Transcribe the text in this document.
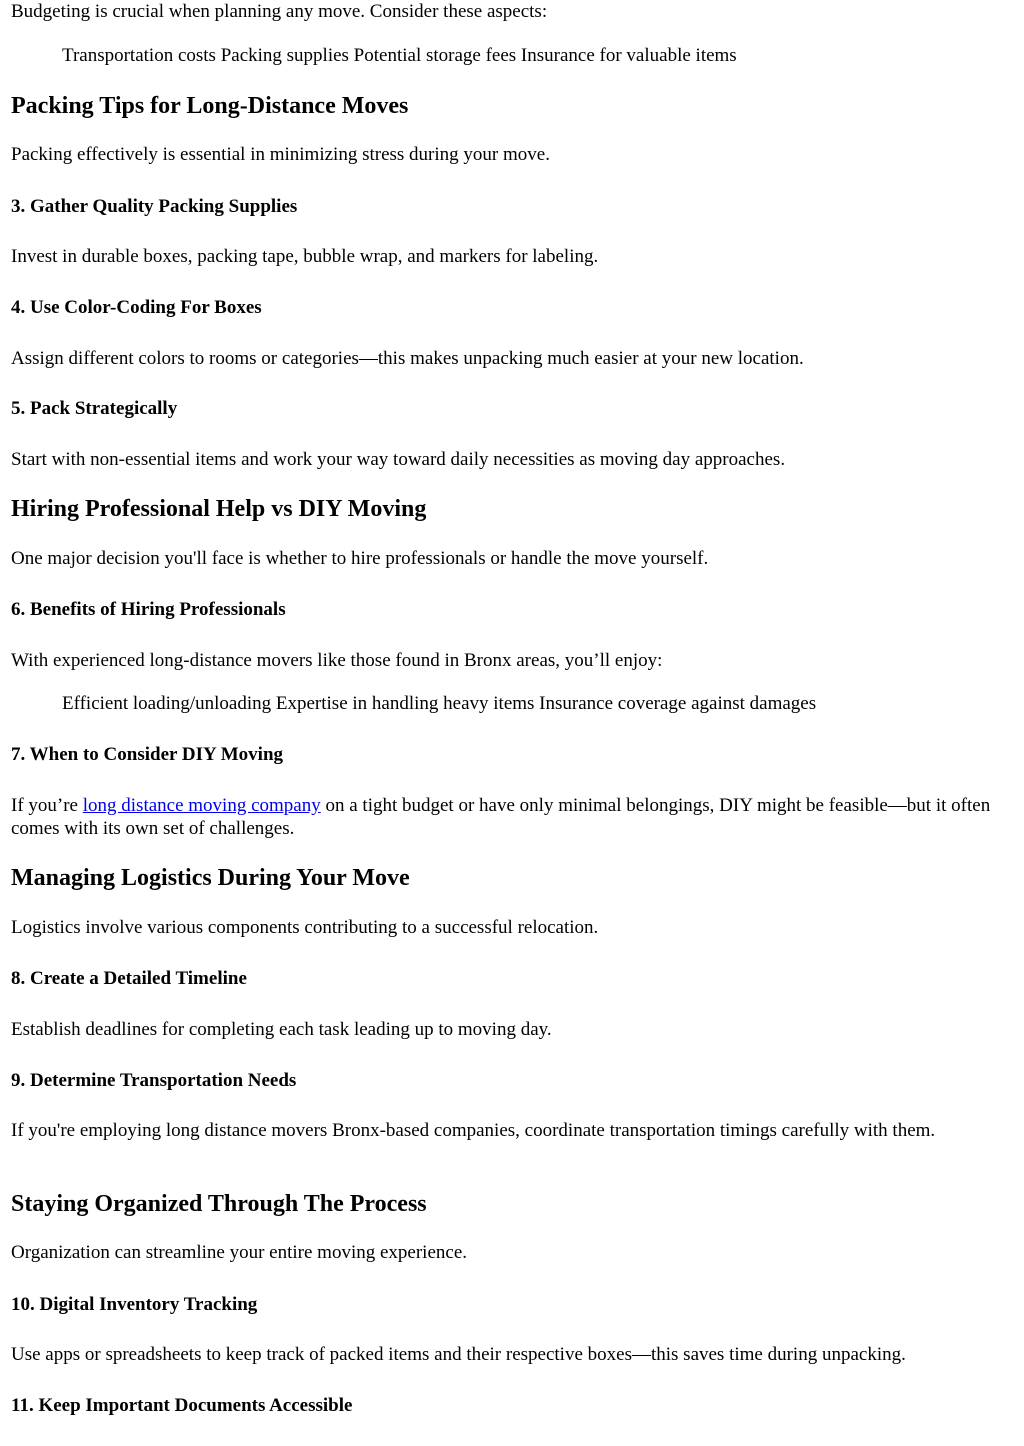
Budgeting is crucial when planning any move. Consider these aspects:

Transportation costs Packing supplies Potential storage fees Insurance for valuable items
Packing Tips for Long-Distance Moves

Packing effectively is essential in minimizing stress during your move.

3. Gather Quality Packing Supplies

Invest in durable boxes, packing tape, bubble wrap, and markers for labeling.

4. Use Color-Coding For Boxes

Assign different colors to rooms or categories—this makes unpacking much easier at your new location.

5. Pack Strategically

Start with non-essential items and work your way toward daily necessities as moving day approaches.

Hiring Professional Help vs DIY Moving

One major decision you'll face is whether to hire professionals or handle the move yourself.

6. Benefits of Hiring Professionals

With experienced long-distance movers like those found in Bronx areas, you’ll enjoy:

Efficient loading/unloading Expertise in handling heavy items Insurance coverage against damages
7. When to Consider DIY Moving

If you’re long distance moving company on a tight budget or have only minimal belongings, DIY might be feasible—but it often comes with its own set of challenges.

Managing Logistics During Your Move

Logistics involve various components contributing to a successful relocation.

8. Create a Detailed Timeline

Establish deadlines for completing each task leading up to moving day.

9. Determine Transportation Needs

If you're employing long distance movers Bronx-based companies, coordinate transportation timings carefully with them.

Staying Organized Through The Process

Organization can streamline your entire moving experience.

10. Digital Inventory Tracking

Use apps or spreadsheets to keep track of packed items and their respective boxes—this saves time during unpacking.

11. Keep Important Documents Accessible
